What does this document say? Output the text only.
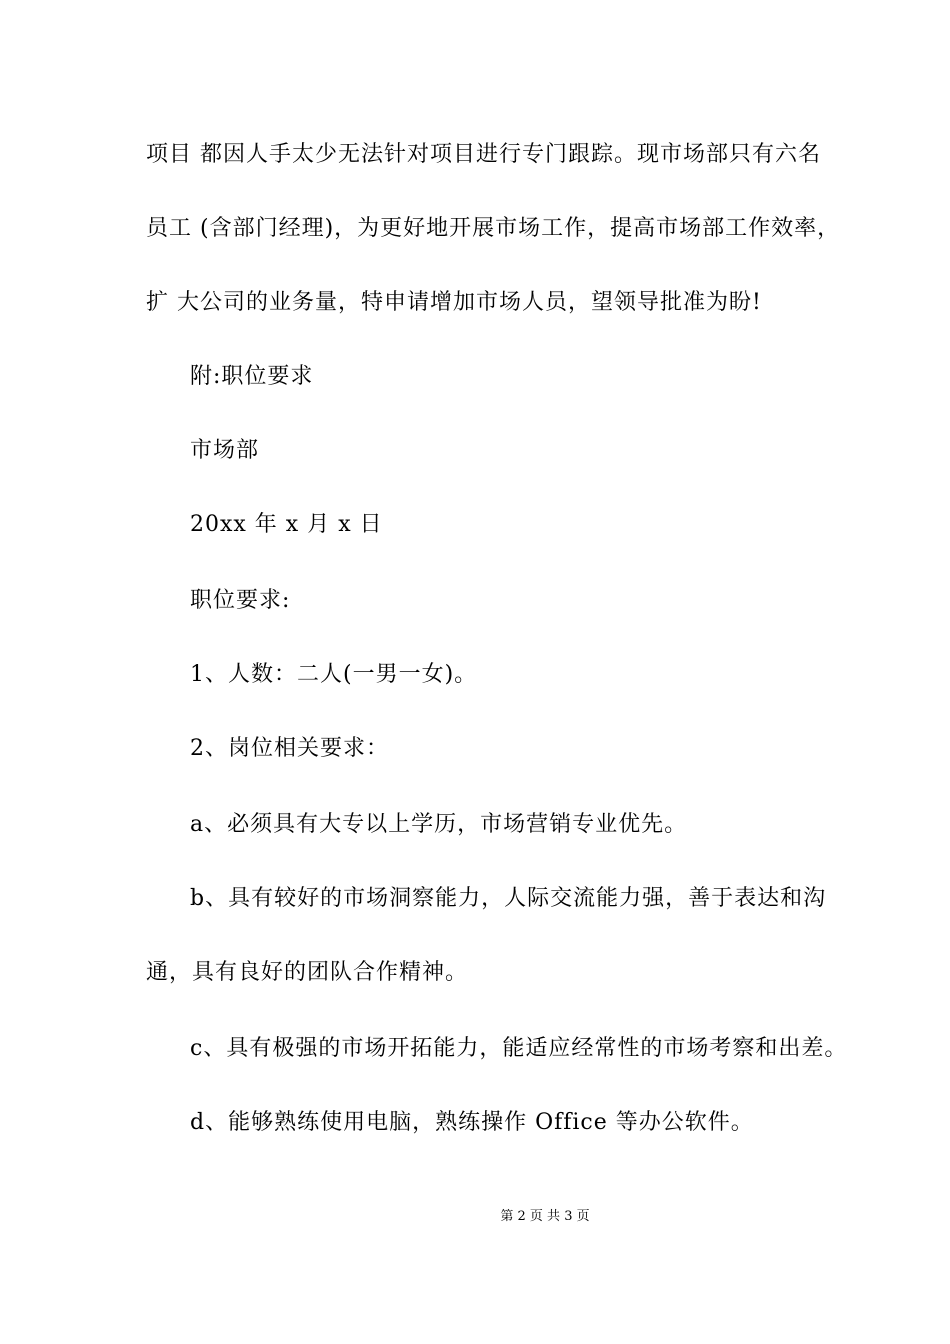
项目 都因人手太少无法针对项目进行专门跟踪。现市场部只有六名
员工 (含部门经理)，为更好地开展市场工作，提高市场部工作效率，
扩 大公司的业务量，特申请增加市场人员，望领导批准为盼!
附:职位要求
市场部
20xx 年 x 月 x 日
职位要求:
1、人数：二人(一男一女)。
2、岗位相关要求：
a、必须具有大专以上学历，市场营销专业优先。
b、具有较好的市场洞察能力，人际交流能力强，善于表达和沟
通，具有良好的团队合作精神。
c、具有极强的市场开拓能力，能适应经常性的市场考察和出差。
d、能够熟练使用电脑，熟练操作 Office 等办公软件。
第 2 页 共 3 页
